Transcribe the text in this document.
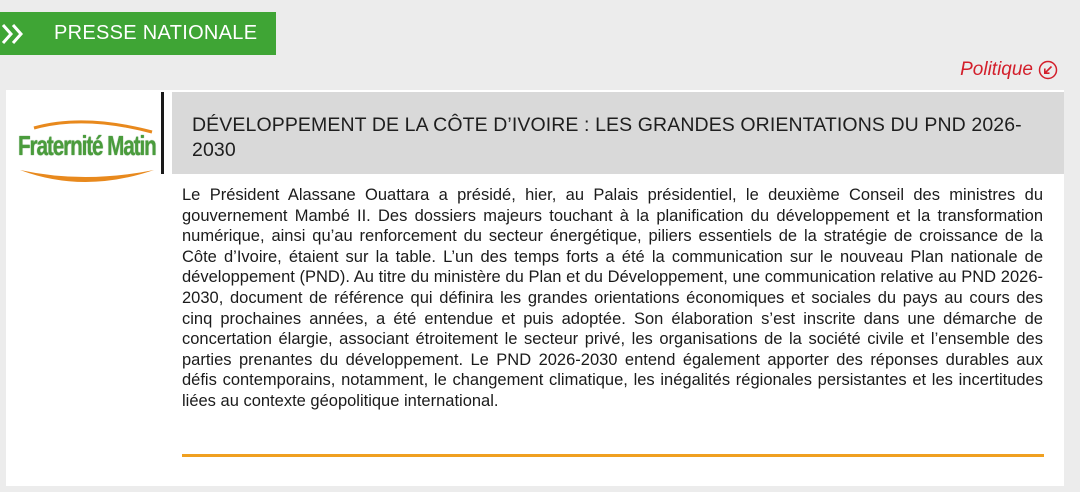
PRESSE NATIONALE
Politique
Fraternité Matin
DÉVELOPPEMENT DE LA CÔTE D’IVOIRE : LES GRANDES ORIENTATIONS DU PND 2026-2030

Le Président Alassane Ouattara a présidé, hier, au Palais présidentiel, le deuxième Conseil des ministres du gouvernement Mambé II. Des dossiers majeurs touchant à la planification du développement et la transformation numérique, ainsi qu’au renforcement du secteur énergétique, piliers essentiels de la stratégie de croissance de la Côte d’Ivoire, étaient sur la table. L’un des temps forts a été la communication sur le nouveau Plan nationale de développement (PND). Au titre du ministère du Plan et du Développement, une communication relative au PND 2026-2030, document de référence qui définira les grandes orientations économiques et sociales du pays au cours des cinq prochaines années, a été entendue et puis adoptée. Son élaboration s’est inscrite dans une démarche de concertation élargie, associant étroitement le secteur privé, les organisations de la société civile et l’ensemble des parties prenantes du développement. Le PND 2026-2030 entend également apporter des réponses durables aux défis contemporains, notamment, le changement climatique, les inégalités régionales persistantes et les incertitudes liées au contexte géopolitique international.
